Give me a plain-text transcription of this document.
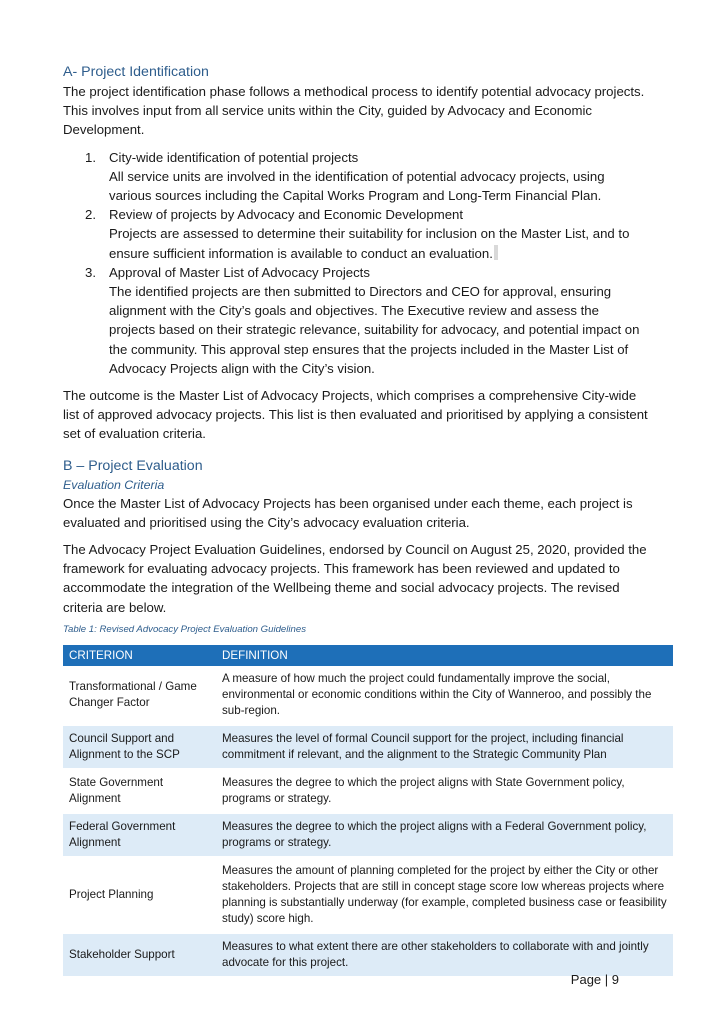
A- Project Identification

The project identification phase follows a methodical process to identify potential advocacy projects. This involves input from all service units within the City, guided by Advocacy and Economic Development.

1. City-wide identification of potential projects
All service units are involved in the identification of potential advocacy projects, using various sources including the Capital Works Program and Long-Term Financial Plan.
2. Review of projects by Advocacy and Economic Development
Projects are assessed to determine their suitability for inclusion on the Master List, and to ensure sufficient information is available to conduct an evaluation.
3. Approval of Master List of Advocacy Projects
The identified projects are then submitted to Directors and CEO for approval, ensuring alignment with the City’s goals and objectives. The Executive review and assess the projects based on their strategic relevance, suitability for advocacy, and potential impact on the community. This approval step ensures that the projects included in the Master List of Advocacy Projects align with the City’s vision.

The outcome is the Master List of Advocacy Projects, which comprises a comprehensive City-wide list of approved advocacy projects. This list is then evaluated and prioritised by applying a consistent set of evaluation criteria.

B – Project Evaluation
Evaluation Criteria

Once the Master List of Advocacy Projects has been organised under each theme, each project is evaluated and prioritised using the City’s advocacy evaluation criteria.

The Advocacy Project Evaluation Guidelines, endorsed by Council on August 25, 2020, provided the framework for evaluating advocacy projects. This framework has been reviewed and updated to accommodate the integration of the Wellbeing theme and social advocacy projects. The revised criteria are below.

Table 1: Revised Advocacy Project Evaluation Guidelines
CRITERION	DEFINITION
Transformational / Game Changer Factor	A measure of how much the project could fundamentally improve the social, environmental or economic conditions within the City of Wanneroo, and possibly the sub-region.
Council Support and Alignment to the SCP	Measures the level of formal Council support for the project, including financial commitment if relevant, and the alignment to the Strategic Community Plan
State Government Alignment	Measures the degree to which the project aligns with State Government policy, programs or strategy.
Federal Government Alignment	Measures the degree to which the project aligns with a Federal Government policy, programs or strategy.
Project Planning	Measures the amount of planning completed for the project by either the City or other stakeholders. Projects that are still in concept stage score low whereas projects where planning is substantially underway (for example, completed business case or feasibility study) score high.
Stakeholder Support	Measures to what extent there are other stakeholders to collaborate with and jointly advocate for this project.
Page | 9
